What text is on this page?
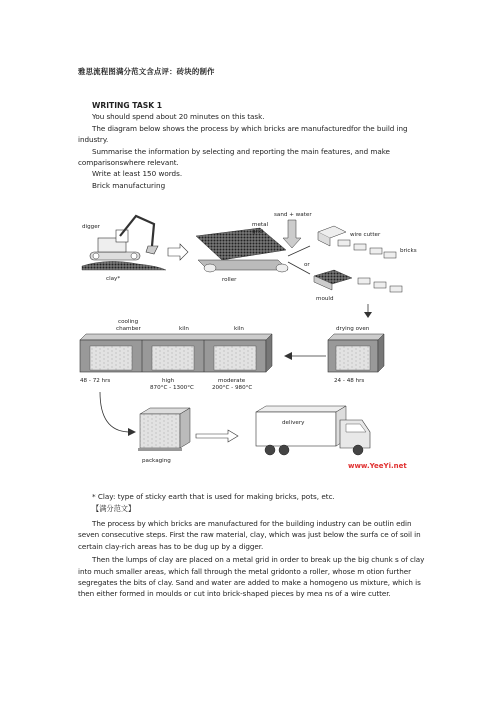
雅思流程图满分范文含点评：砖块的制作
WRITING TASK 1
You should spend about 20 minutes on this task.
The diagram below shows the process by which bricks are manufacturedfor the build ing industry.
Summarise the information by selecting and reporting the main features, and make comparisonswhere relevant.
Write at least 150 words.
Brick manufacturing
digger
clay*
metal
grid
roller
sand + water
or
wire cutter
bricks
mould
cooling
chamber	kiln	kiln	drying oven
48 - 72 hrs	high
870°C - 1300°C
moderate
200°C - 980°C
24 - 48 hrs
packaging
delivery
www.YeeYi.net
* Clay: type of sticky earth that is used for making bricks, pots, etc.
【满分范文】
The process by which bricks are manufactured for the building industry can be outlin edin seven consecutive steps. First the raw material, clay, which was just below the surfa ce of soil in certain clay-rich areas has to be dug up by a digger.
Then the lumps of clay are placed on a metal grid in order to break up the big chunk s of clay into much smaller areas, which fall through the metal gridonto a roller, whose m otion further segregates the bits of clay. Sand and water are added to make a homogeno us mixture, which is then either formed in moulds or cut into brick-shaped pieces by mea ns of a wire cutter.
